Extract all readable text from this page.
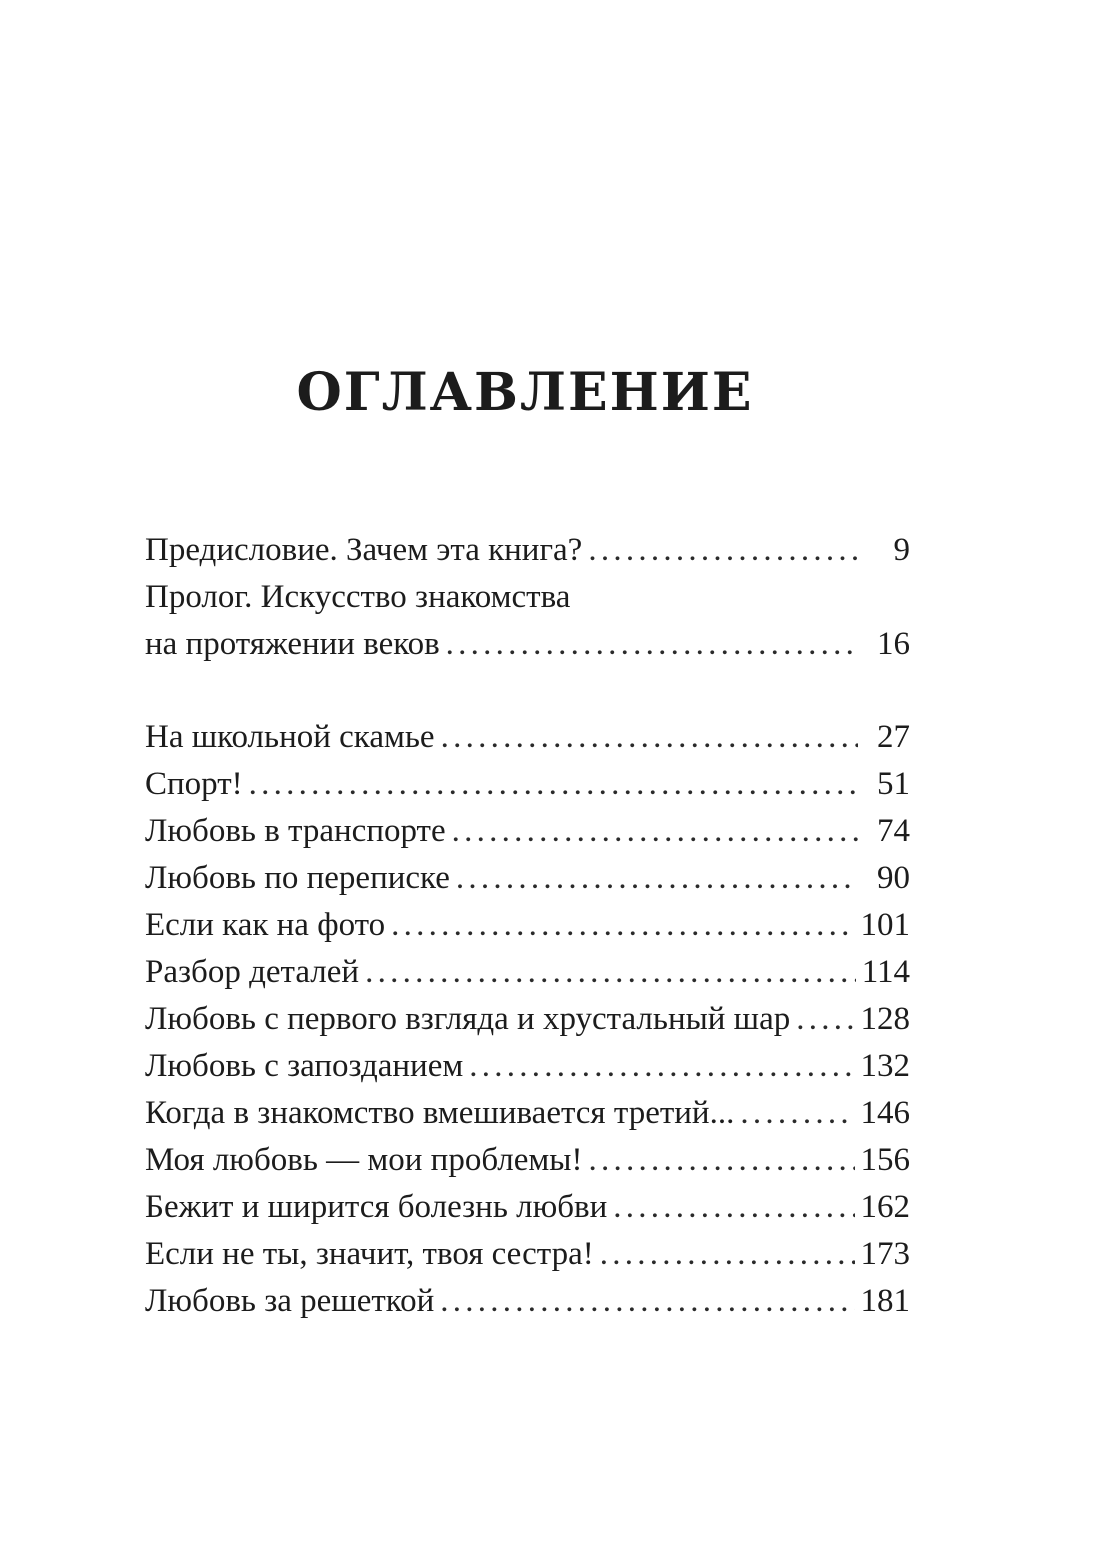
ОГЛАВЛЕНИЕ
Предисловие. Зачем эта книга? . . .	9
Пролог. Искусство знакомства
на протяжении веков . . .	16
На школьной скамье . . .	27
Спорт! . . .	51
Любовь в транспорте . . .	74
Любовь по переписке . . .	90
Если как на фото . . .	101
Разбор деталей . . .	114
Любовь с первого взгляда и хрустальный шар . . . 128
Любовь с запозданием . . .	132
Когда в знакомство вмешивается третий... . . .	146
Моя любовь — мои проблемы! . . .	156
Бежит и ширится болезнь любви . . .	162
Если не ты, значит, твоя сестра! . . .	173
Любовь за решеткой . . .	181
